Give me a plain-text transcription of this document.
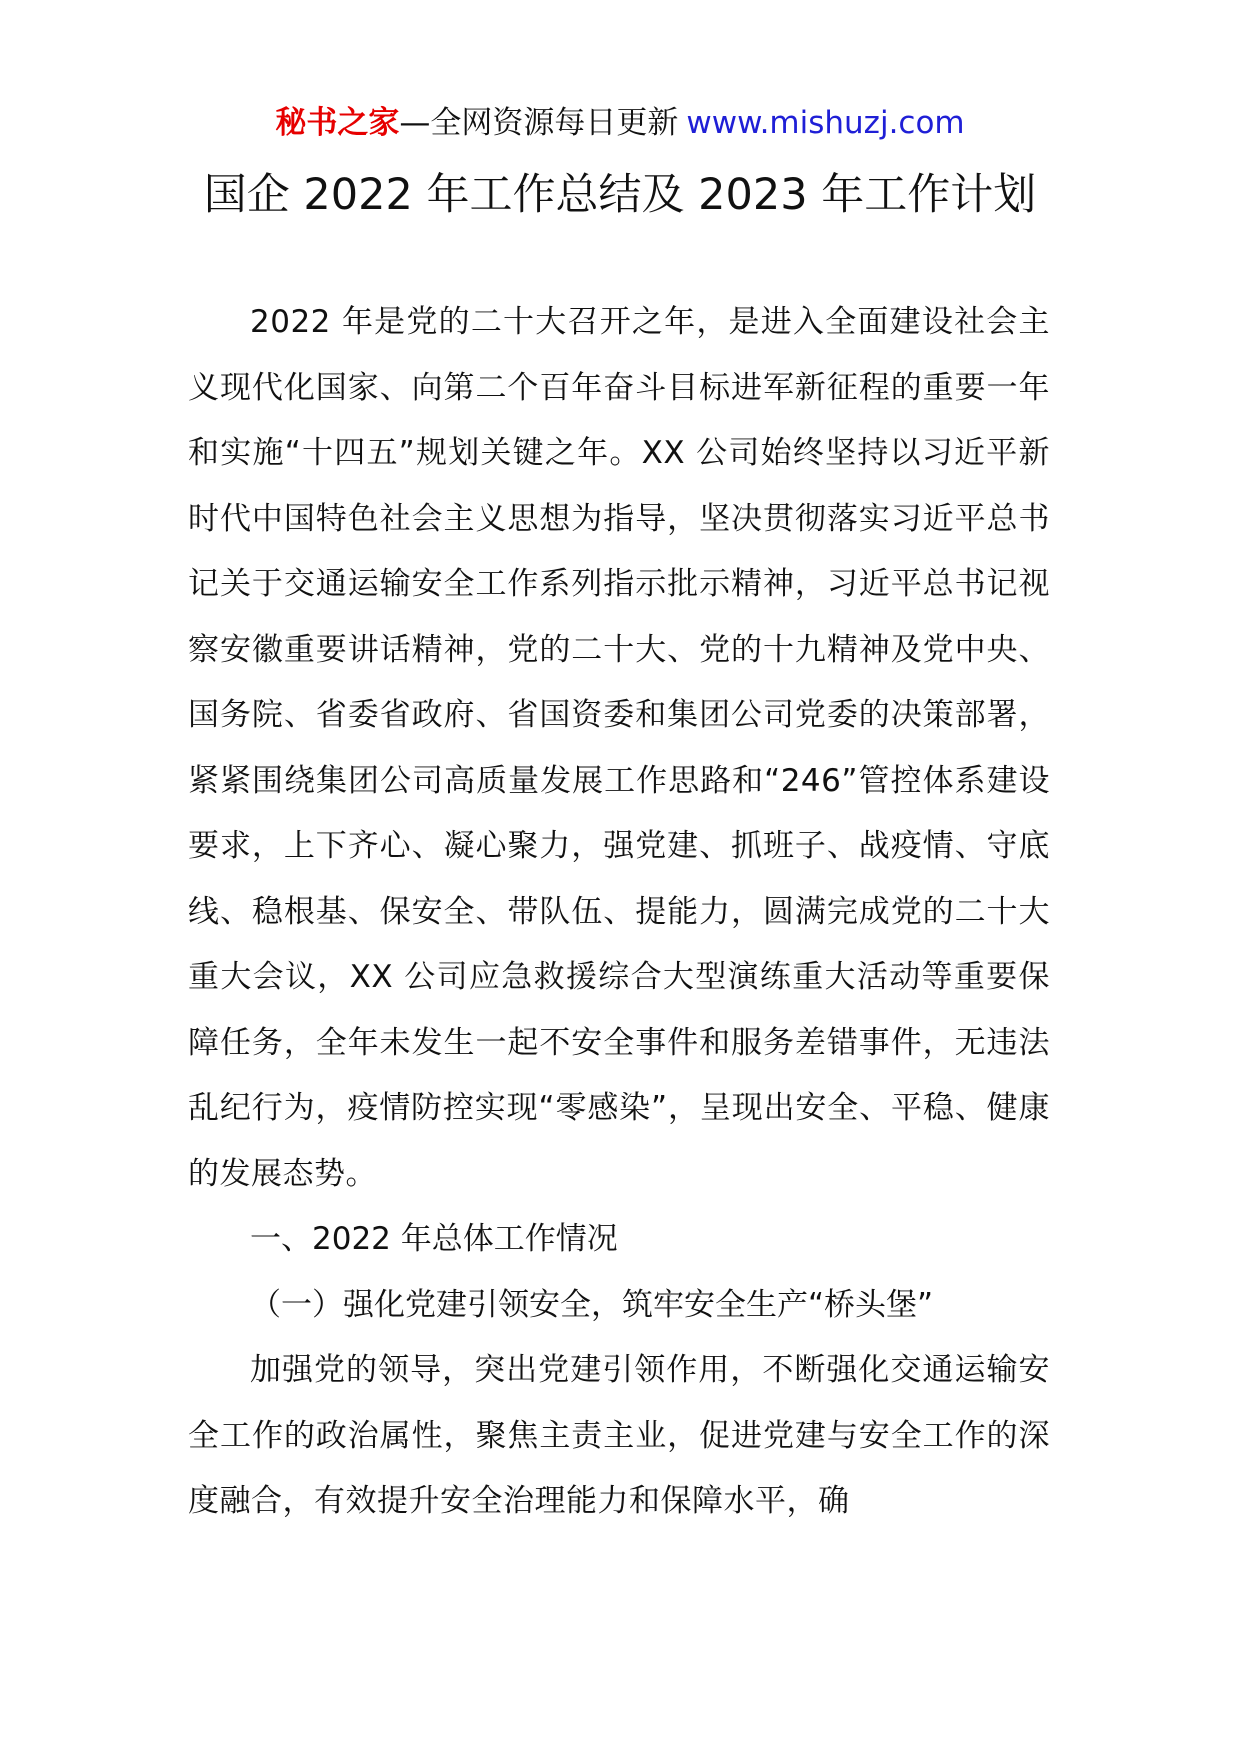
秘书之家—全网资源每日更新 www.mishuzj.com
国企 2022 年工作总结及 2023 年工作计划

2022 年是党的二十大召开之年，是进入全面建设社会主义现代化国家、向第二个百年奋斗目标进军新征程的重要一年和实施“十四五”规划关键之年。XX 公司始终坚持以习近平新时代中国特色社会主义思想为指导，坚决贯彻落实习近平总书记关于交通运输安全工作系列指示批示精神，习近平总书记视察安徽重要讲话精神，党的二十大、党的十九精神及党中央、国务院、省委省政府、省国资委和集团公司党委的决策部署，紧紧围绕集团公司高质量发展工作思路和“246”管控体系建设要求，上下齐心、凝心聚力，强党建、抓班子、战疫情、守底线、稳根基、保安全、带队伍、提能力，圆满完成党的二十大重大会议，XX 公司应急救援综合大型演练重大活动等重要保障任务，全年未发生一起不安全事件和服务差错事件，无违法乱纪行为，疫情防控实现“零感染”，呈现出安全、平稳、健康的发展态势。

一、2022 年总体工作情况

（一）强化党建引领安全，筑牢安全生产“桥头堡”

加强党的领导，突出党建引领作用，不断强化交通运输安全工作的政治属性，聚焦主责主业，促进党建与安全工作的深度融合，有效提升安全治理能力和保障水平，确
